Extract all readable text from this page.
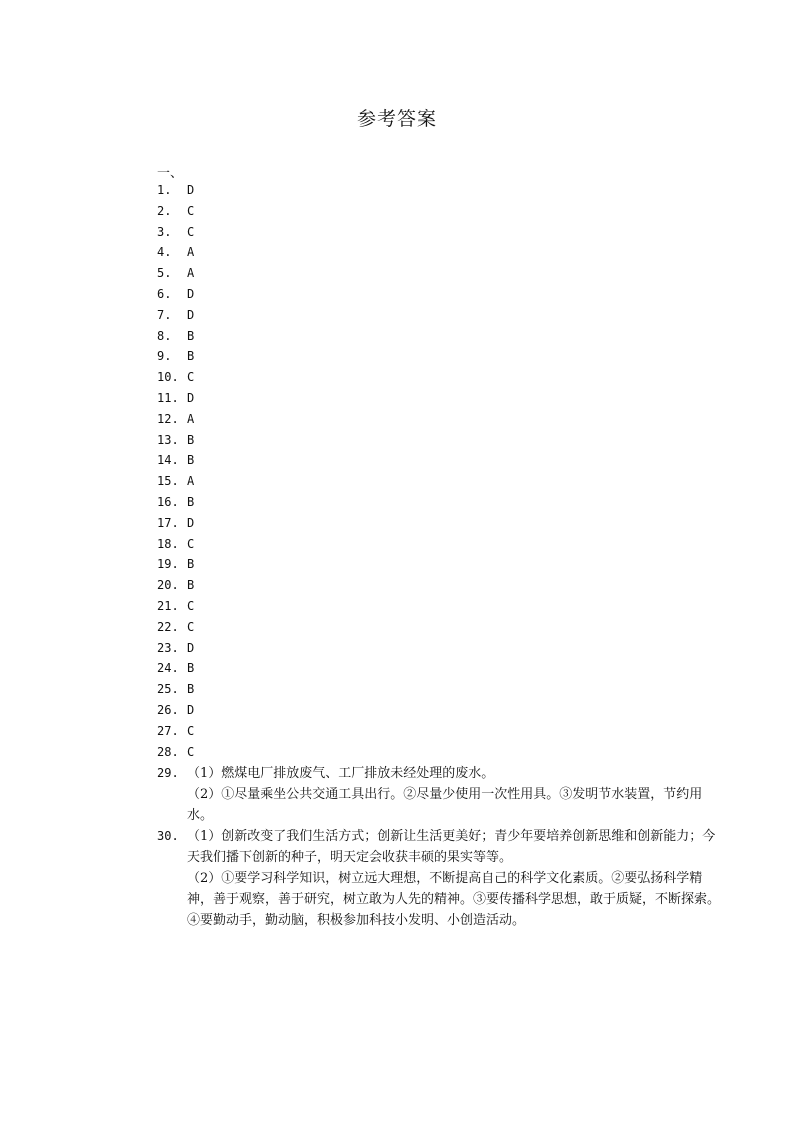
参考答案
一、
1. D
2. C
3. C
4. A
5. A
6. D
7. D
8. B
9. B
10. C
11. D
12. A
13. B
14. B
15. A
16. B
17. D
18. C
19. B
20. B
21. C
22. C
23. D
24. B
25. B
26. D
27. C
28. C
29. （1）燃煤电厂排放废气、工厂排放未经处理的废水。

（2）①尽量乘坐公共交通工具出行。②尽量少使用一次性用具。③发明节水装置，节约用水。

30. （1）创新改变了我们生活方式；创新让生活更美好；青少年要培养创新思维和创新能力；今天我们播下创新的种子，明天定会收获丰硕的果实等等。

（2）①要学习科学知识，树立远大理想，不断提高自己的科学文化素质。②要弘扬科学精神，善于观察，善于研究，树立敢为人先的精神。③要传播科学思想，敢于质疑，不断探索。④要勤动手，勤动脑，积极参加科技小发明、小创造活动。
